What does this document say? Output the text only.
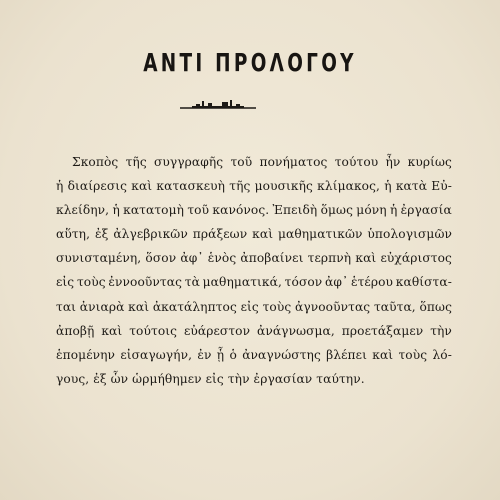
ΑΝΤΙ ΠΡΟΛΟΓΟΥ
Σκοπὸς τῆς συγγραφῆς τοῦ πονήματος τούτου ἦν κυρίως
ἡ διαίρεσις καὶ κατασκευὴ τῆς μουσικῆς κλίμακος, ἡ κατὰ Εὐ-
κλείδην, ἡ κατατομὴ τοῦ κανόνος. Ἐπειδὴ ὅμως μόνη ἡ ἐργασία
αὕτη, ἐξ ἀλγεβρικῶν πράξεων καὶ μαθηματικῶν ὑπολογισμῶν
συνισταμένη, ὅσον ἀφ᾽ ἑνὸς ἀποβαίνει τερπνὴ καὶ εὐχάριστος
εἰς τοὺς ἐννοοῦντας τὰ μαθηματικά, τόσον ἀφ᾽ ἑτέρου καθίστα-
ται ἀνιαρὰ καὶ ἀκατάληπτος εἰς τοὺς ἀγνοοῦντας ταῦτα, ὅπως
ἀποβῇ καὶ τούτοις εὐάρεστον ἀνάγνωσμα, προετάξαμεν τὴν
ἑπομένην εἰσαγωγήν, ἐν ᾗ ὁ ἀναγνώστης βλέπει καὶ τοὺς λό-
γους, ἐξ ὧν ὡρμήθημεν εἰς τὴν ἐργασίαν ταύτην.
